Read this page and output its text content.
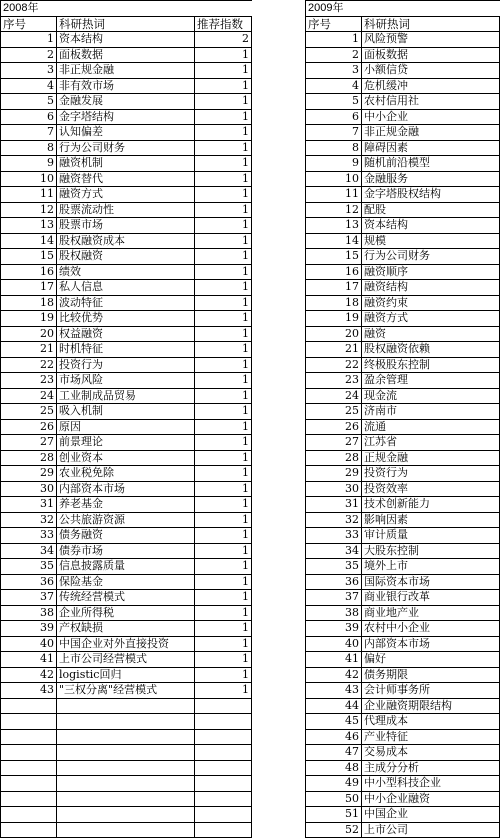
2008年		
序号	科研热词	推荐指数
1	资本结构	2
2	面板数据	1
3	非正规金融	1
4	非有效市场	1
5	金融发展	1
6	金字塔结构	1
7	认知偏差	1
8	行为公司财务	1
9	融资机制	1
10	融资替代	1
11	融资方式	1
12	股票流动性	1
13	股票市场	1
14	股权融资成本	1
15	股权融资	1
16	绩效	1
17	私人信息	1
18	波动特征	1
19	比较优势	1
20	权益融资	1
21	时机特征	1
22	投资行为	1
23	市场风险	1
24	工业制成品贸易	1
25	吸入机制	1
26	原因	1
27	前景理论	1
28	创业资本	1
29	农业税免除	1
30	内部资本市场	1
31	养老基金	1
32	公共旅游资源	1
33	债务融资	1
34	债券市场	1
35	信息披露质量	1
36	保险基金	1
37	传统经营模式	1
38	企业所得税	1
39	产权缺损	1
40	中国企业对外直接投资	1
41	上市公司经营模式	1
42	logistic回归	1
43	"三权分离"经营模式	1

2009年	
序号	科研热词
1	风险预警
2	面板数据
3	小额信贷
4	危机缓冲
5	农村信用社
6	中小企业
7	非正规金融
8	障碍因素
9	随机前沿模型
10	金融服务
11	金字塔股权结构
12	配股
13	资本结构
14	规模
15	行为公司财务
16	融资顺序
17	融资结构
18	融资约束
19	融资方式
20	融资
21	股权融资依赖
22	终极股东控制
23	盈余管理
24	现金流
25	济南市
26	流通
27	江苏省
28	正规金融
29	投资行为
30	投资效率
31	技术创新能力
32	影响因素
33	审计质量
34	大股东控制
35	境外上市
36	国际资本市场
37	商业银行改革
38	商业地产业
39	农村中小企业
40	内部资本市场
41	偏好
42	债务期限
43	会计师事务所
44	企业融资期限结构
45	代理成本
46	产业特征
47	交易成本
48	主成分分析
49	中小型科技企业
50	中小企业融资
51	中国企业
52	上市公司
